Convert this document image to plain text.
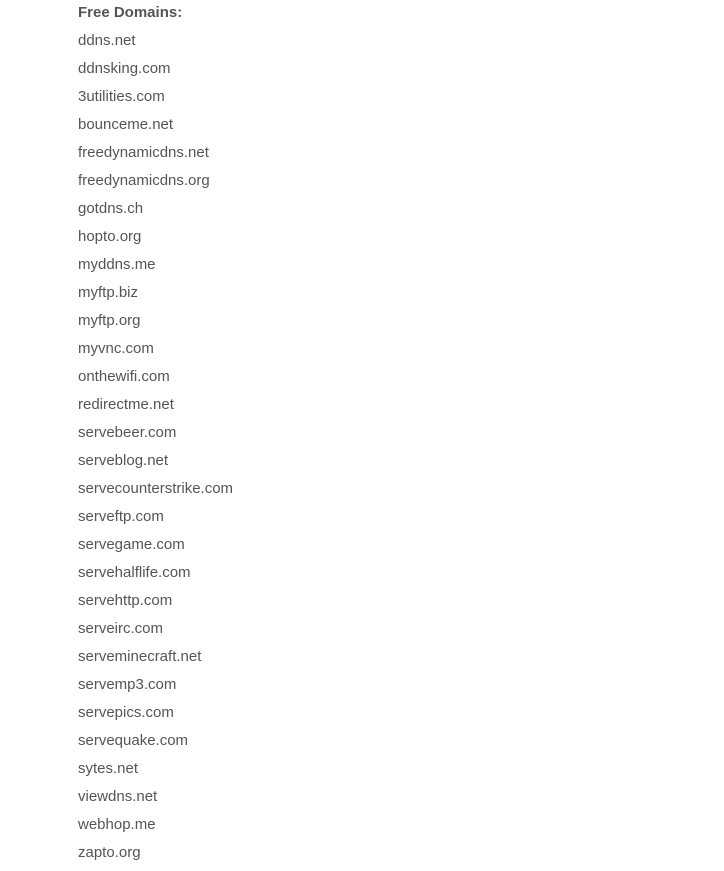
Free Domains:
ddns.net
ddnsking.com
3utilities.com
bounceme.net
freedynamicdns.net
freedynamicdns.org
gotdns.ch
hopto.org
myddns.me
myftp.biz
myftp.org
myvnc.com
onthewifi.com
redirectme.net
servebeer.com
serveblog.net
servecounterstrike.com
serveftp.com
servegame.com
servehalflife.com
servehttp.com
serveirc.com
serveminecraft.net
servemp3.com
servepics.com
servequake.com
sytes.net
viewdns.net
webhop.me
zapto.org
